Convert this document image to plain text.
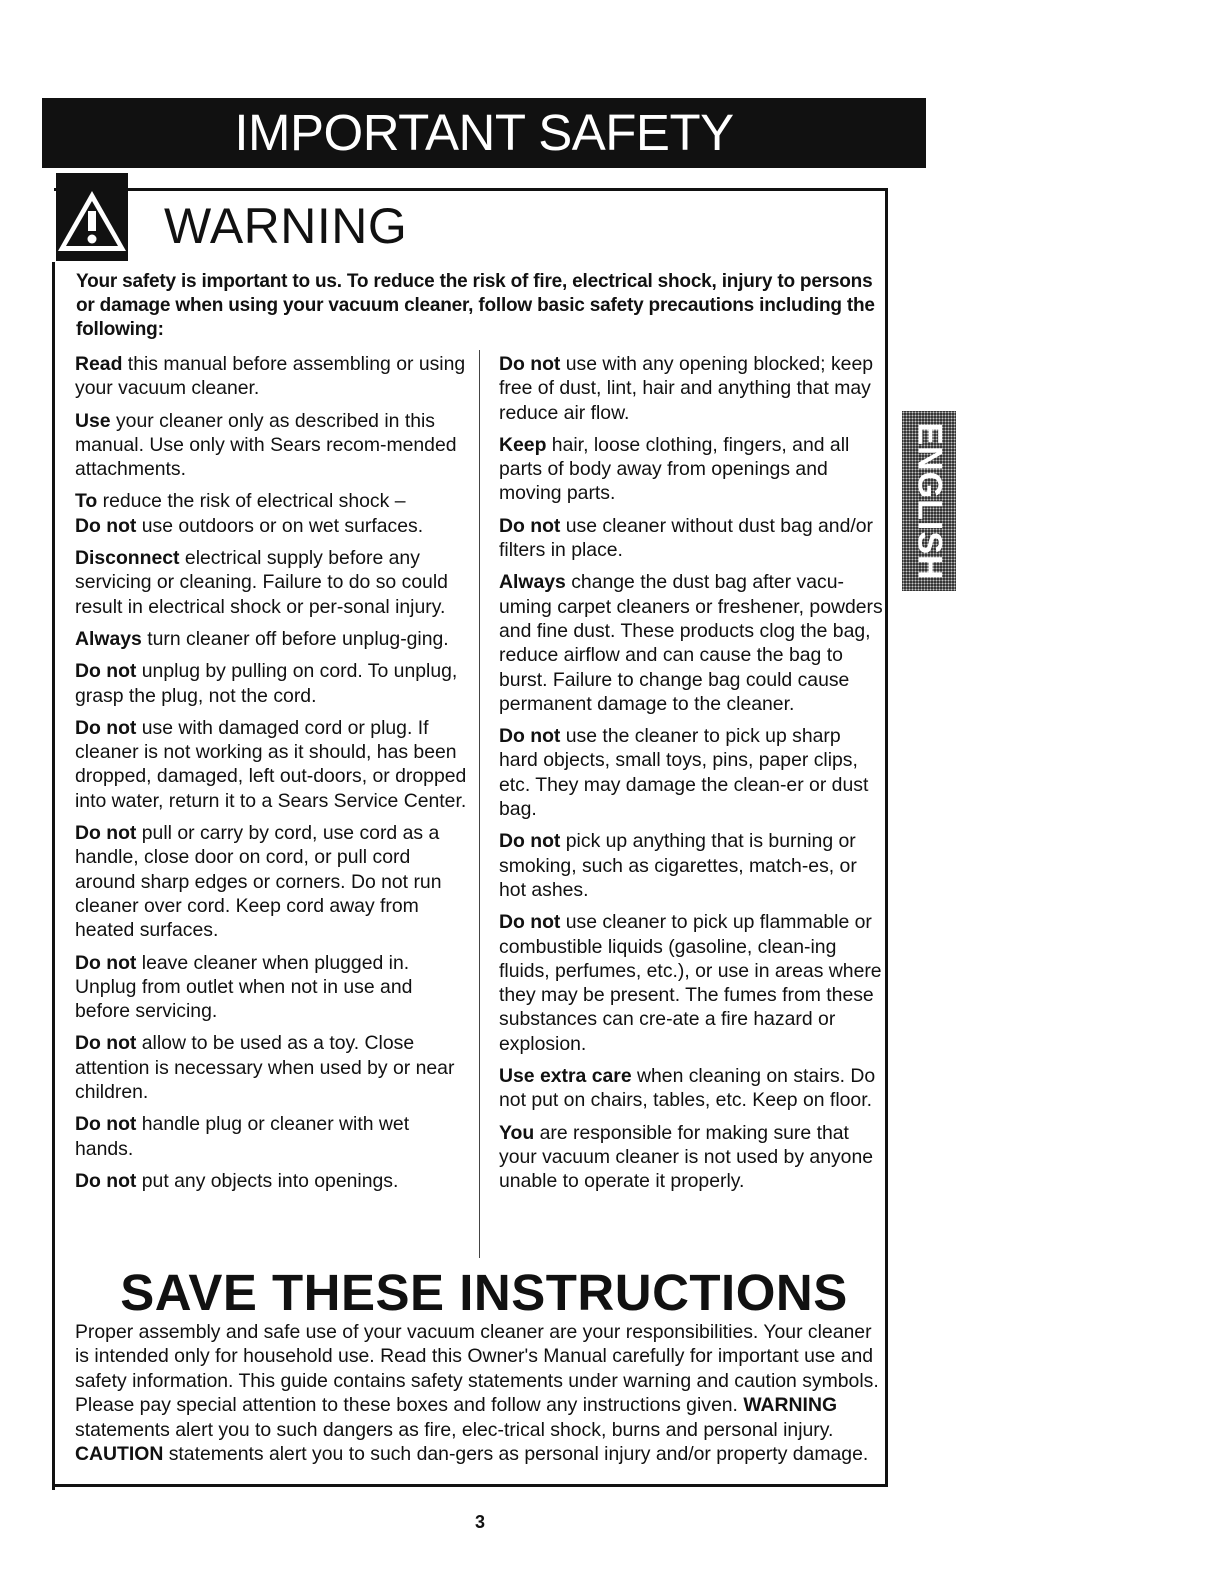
IMPORTANT SAFETY INSTRUCTIONS
WARNING
Your safety is important to us. To reduce the risk of fire, electrical shock, injury to persons or damage when using your vacuum cleaner, follow basic safety precautions including the following:

Read this manual before assembling or using your vacuum cleaner.

Use your cleaner only as described in this manual. Use only with Sears recom-mended attachments.

To reduce the risk of electrical shock –
Do not use outdoors or on wet surfaces.

Disconnect electrical supply before any servicing or cleaning. Failure to do so could result in electrical shock or per-sonal injury.

Always turn cleaner off before unplug-ging.

Do not unplug by pulling on cord. To unplug, grasp the plug, not the cord.

Do not use with damaged cord or plug. If cleaner is not working as it should, has been dropped, damaged, left out-doors, or dropped into water, return it to a Sears Service Center.

Do not pull or carry by cord, use cord as a handle, close door on cord, or pull cord around sharp edges or corners. Do not run cleaner over cord. Keep cord away from heated surfaces.

Do not leave cleaner when plugged in. Unplug from outlet when not in use and before servicing.

Do not allow to be used as a toy. Close attention is necessary when used by or near children.

Do not handle plug or cleaner with wet hands.

Do not put any objects into openings.

Do not use with any opening blocked; keep free of dust, lint, hair and anything that may reduce air flow.

Keep hair, loose clothing, fingers, and all parts of body away from openings and moving parts.

Do not use cleaner without dust bag and/or filters in place.

Always change the dust bag after vacu-uming carpet cleaners or freshener, powders and fine dust. These products clog the bag, reduce airflow and can cause the bag to burst. Failure to change bag could cause permanent damage to the cleaner.

Do not use the cleaner to pick up sharp hard objects, small toys, pins, paper clips, etc. They may damage the clean-er or dust bag.

Do not pick up anything that is burning or smoking, such as cigarettes, match-es, or hot ashes.

Do not use cleaner to pick up flammable or combustible liquids (gasoline, clean-ing fluids, perfumes, etc.), or use in areas where they may be present. The fumes from these substances can cre-ate a fire hazard or explosion.

Use extra care when cleaning on stairs. Do not put on chairs, tables, etc. Keep on floor.

You are responsible for making sure that your vacuum cleaner is not used by anyone unable to operate it properly.

SAVE THESE INSTRUCTIONS
Proper assembly and safe use of your vacuum cleaner are your responsibilities. Your cleaner is intended only for household use. Read this Owner's Manual carefully for important use and safety information. This guide contains safety statements under warning and caution symbols. Please pay special attention to these boxes and follow any instructions given. WARNING statements alert you to such dangers as fire, elec-trical shock, burns and personal injury. CAUTION statements alert you to such dan-gers as personal injury and/or property damage.
ENGLISH
3
